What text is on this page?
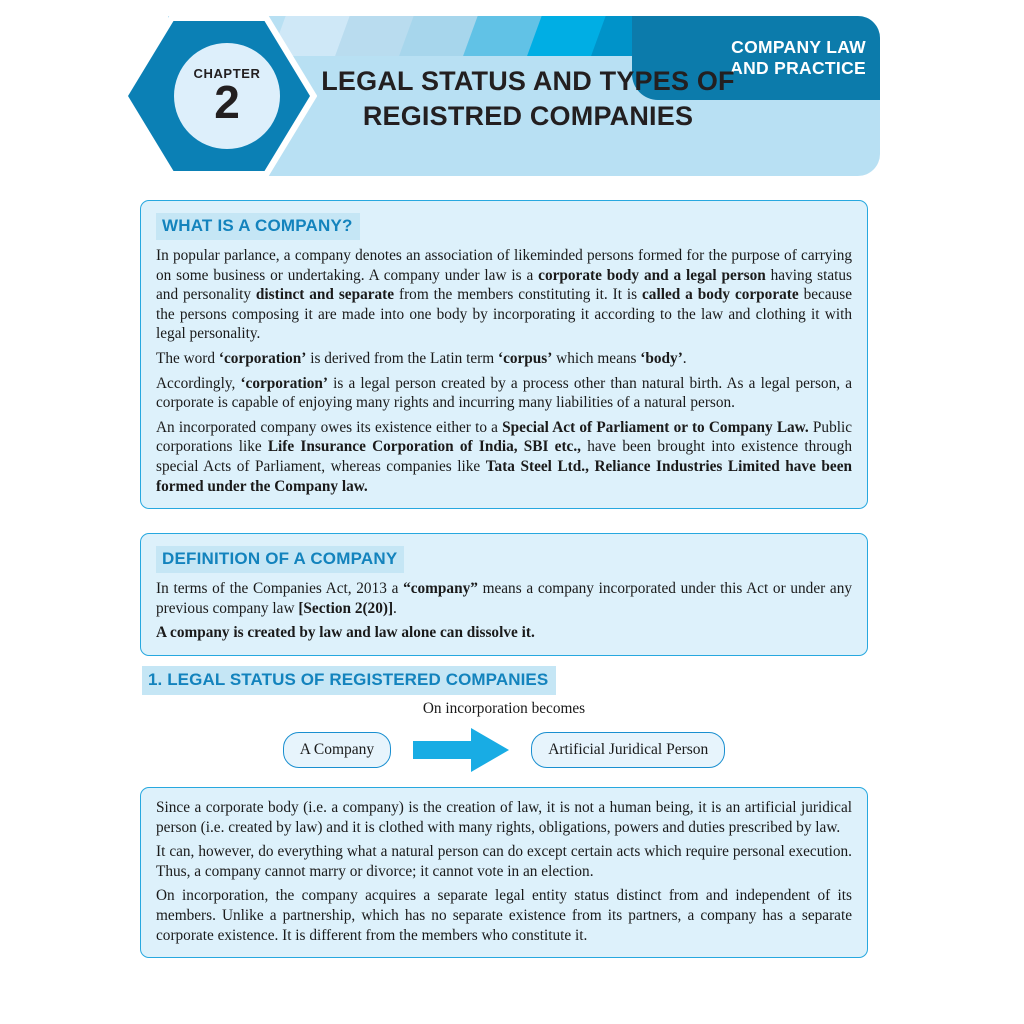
COMPANY LAW
AND PRACTICE
LEGAL STATUS AND TYPES OF REGISTRED COMPANIES
CHAPTER
2
WHAT IS A COMPANY?

In popular parlance, a company denotes an association of likeminded persons formed for the purpose of carrying on some business or undertaking. A company under law is a corporate body and a legal person having status and personality distinct and separate from the members constituting it. It is called a body corporate because the persons composing it are made into one body by incorporating it according to the law and clothing it with legal personality.

The word ‘corporation’ is derived from the Latin term ‘corpus’ which means ‘body’.

Accordingly, ‘corporation’ is a legal person created by a process other than natural birth. As a legal person, a corporate is capable of enjoying many rights and incurring many liabilities of a natural person.

An incorporated company owes its existence either to a Special Act of Parliament or to Company Law. Public corporations like Life Insurance Corporation of India, SBI etc., have been brought into existence through special Acts of Parliament, whereas companies like Tata Steel Ltd., Reliance Industries Limited have been formed under the Company law.

DEFINITION OF A COMPANY

In terms of the Companies Act, 2013 a “company” means a company incorporated under this Act or under any previous company law [Section 2(20)].

A company is created by law and law alone can dissolve it.

1. LEGAL STATUS OF REGISTERED COMPANIES
On incorporation becomes
A Company	Artificial Juridical Person

Since a corporate body (i.e. a company) is the creation of law, it is not a human being, it is an artificial juridical person (i.e. created by law) and it is clothed with many rights, obligations, powers and duties prescribed by law.

It can, however, do everything what a natural person can do except certain acts which require personal execution. Thus, a company cannot marry or divorce; it cannot vote in an election.

On incorporation, the company acquires a separate legal entity status distinct from and independent of its members. Unlike a partnership, which has no separate existence from its partners, a company has a separate corporate existence. It is different from the members who constitute it.
